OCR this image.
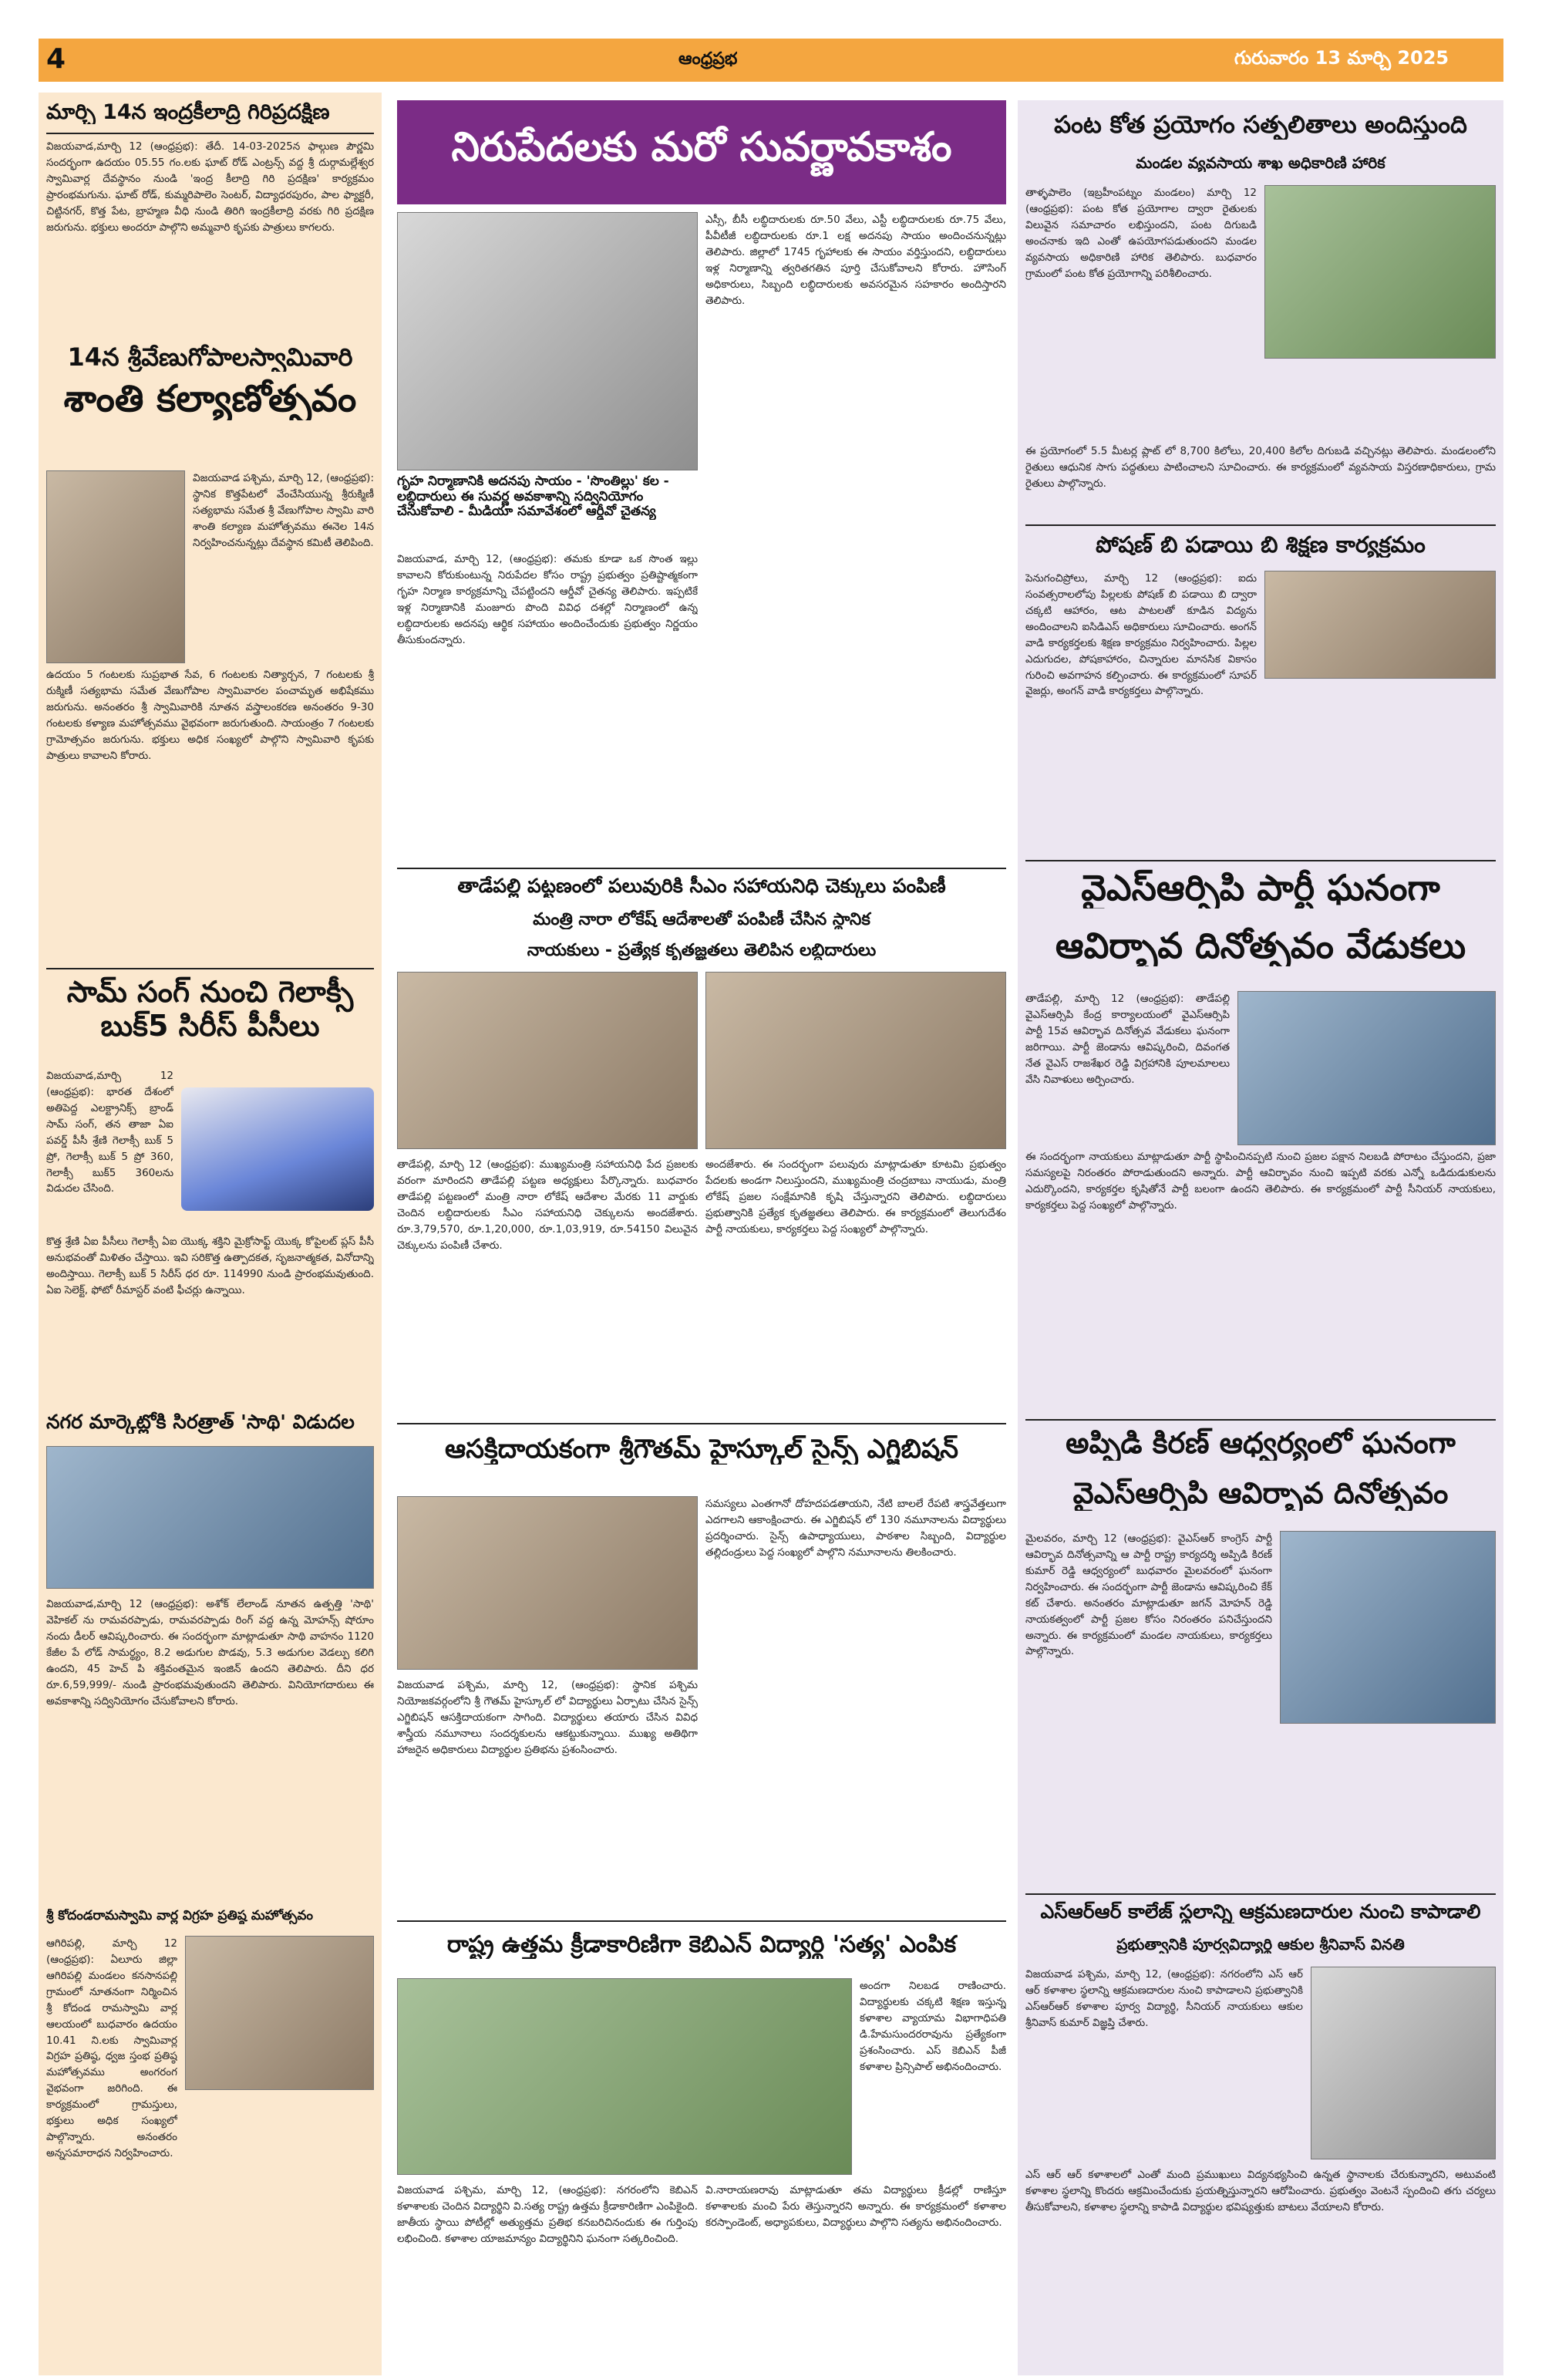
4	ఆంధ్రప్రభ	గురువారం 13 మార్చి 2025
మార్చి 14న ఇంద్రకీలాద్రి గిరిప్రదక్షిణ
విజయవాడ,మార్చి 12 (ఆంధ్రప్రభ): తేదీ. 14-03-2025న ఫాల్గుణ పౌర్ణమి సందర్భంగా ఉదయం 05.55 గం.లకు ఘాట్ రోడ్ ఎంట్రన్స్ వద్ద శ్రీ దుర్గామల్లేశ్వర స్వామివార్ల దేవస్థానం నుండి 'ఇంద్ర కీలాద్రి గిరి ప్రదక్షిణ' కార్యక్రమం ప్రారంభమగును. ఘాట్ రోడ్, కుమ్మరిపాలెం సెంటర్, విద్యాధరపురం, పాల ఫ్యాక్టరీ, చిట్టినగర్, కొత్త పేట, బ్రాహ్మణ వీధి నుండి తిరిగి ఇంద్రకీలాద్రి వరకు గిరి ప్రదక్షిణ జరుగును. భక్తులు అందరూ పాల్గొని అమ్మవారి కృపకు పాత్రులు కాగలరు.
14న శ్రీవేణుగోపాలస్వామివారి
శాంతి కల్యాణోత్సవం
విజయవాడ పశ్చిమ, మార్చి 12, (ఆంధ్రప్రభ): స్థానిక కొత్తపేటలో వేంచేసియున్న శ్రీరుక్మిణీ సత్యభామ సమేత శ్రీ వేణుగోపాల స్వామి వారి శాంతి కల్యాణ మహోత్సవము ఈనెల 14న నిర్వహించనున్నట్లు దేవస్థాన కమిటీ తెలిపింది.
ఉదయం 5 గంటలకు సుప్రభాత సేవ, 6 గంటలకు నిత్యార్చన, 7 గంటలకు శ్రీ రుక్మిణీ సత్యభామ సమేత వేణుగోపాల స్వామివారల పంచామృత అభిషేకము జరుగును. అనంతరం శ్రీ స్వామివారికి నూతన వస్త్రాలంకరణ అనంతరం 9-30 గంటలకు కళ్యాణ మహోత్సవము వైభవంగా జరుగుతుంది. సాయంత్రం 7 గంటలకు గ్రామోత్సవం జరుగును. భక్తులు అధిక సంఖ్యలో పాల్గొని స్వామివారి కృపకు పాత్రులు కావాలని కోరారు.
సామ్ సంగ్ నుంచి గెలాక్సీ బుక్5 సిరీస్ పీసీలు
విజయవాడ,మార్చి 12 (ఆంధ్రప్రభ): భారత దేశంలో అతిపెద్ద ఎలక్ట్రానిక్స్ బ్రాండ్ సామ్ సంగ్, తన తాజా ఏఐ పవర్డ్ పీసీ శ్రేణి గెలాక్సీ బుక్ 5 ప్రో, గెలాక్సీ బుక్ 5 ప్రో 360, గెలాక్సీ బుక్5 360లను విడుదల చేసింది.
కొత్త శ్రేణి ఏఐ పీసీలు గెలాక్సీ ఏఐ యొక్క శక్తిని మైక్రోసాఫ్ట్ యొక్క కోపైలట్ ప్లస్ పీసీ అనుభవంతో మిళితం చేస్తాయి. ఇవి సరికొత్త ఉత్పాదకత, సృజనాత్మకత, వినోదాన్ని అందిస్తాయి. గెలాక్సీ బుక్ 5 సిరీస్ ధర రూ. 114990 నుండి ప్రారంభమవుతుంది. ఏఐ సెలెక్ట్, ఫోటో రీమాస్టర్ వంటి ఫీచర్లు ఉన్నాయి.
నగర మార్కెట్లోకి సిరత్రాత్ 'సాథి' విడుదల
విజయవాడ,మార్చి 12 (ఆంధ్రప్రభ): అశోక్ లేలాండ్ నూతన ఉత్పత్తి 'సాథి' వెహికల్ ను రామవరప్పాడు, రామవరప్పాడు రింగ్ వద్ద ఉన్న మోహన్స్ షోరూం నందు డీలర్ ఆవిష్కరించారు. ఈ సందర్భంగా మాట్లాడుతూ సాథి వాహనం 1120 కేజీల పే లోడ్ సామర్థ్యం, 8.2 అడుగుల పొడవు, 5.3 అడుగుల వెడల్పు కలిగి ఉందని, 45 హెచ్ పి శక్తివంతమైన ఇంజిన్ ఉందని తెలిపారు. దీని ధర రూ.6,59,999/- నుండి ప్రారంభమవుతుందని తెలిపారు. వినియోగదారులు ఈ అవకాశాన్ని సద్వినియోగం చేసుకోవాలని కోరారు.
శ్రీ కోదండరామస్వామి వార్ల విగ్రహ ప్రతిష్ఠ మహోత్సవం
ఆగిరిపల్లి, మార్చి 12 (ఆంధ్రప్రభ): ఏలూరు జిల్లా ఆగిరిపల్లి మండలం కనసానపల్లి గ్రామంలో నూతనంగా నిర్మించిన శ్రీ కోదండ రామస్వామి వార్ల ఆలయంలో బుధవారం ఉదయం 10.41 ని.లకు స్వామివార్ల విగ్రహ ప్రతిష్ఠ, ధ్వజ స్తంభ ప్రతిష్ఠ మహోత్సవము అంగరంగ వైభవంగా జరిగింది. ఈ కార్యక్రమంలో గ్రామస్తులు, భక్తులు అధిక సంఖ్యలో పాల్గొన్నారు. అనంతరం అన్నసమారాధన నిర్వహించారు.
నిరుపేదలకు మరో సువర్ణావకాశం
గృహ నిర్మాణానికి అదనపు సాయం - 'సొంతిల్లు' కల - లబ్ధిదారులు ఈ సువర్ణ అవకాశాన్ని సద్వినియోగం చేసుకోవాలి - మీడియా సమావేశంలో ఆర్డీవో చైతన్య
విజయవాడ, మార్చి 12, (ఆంధ్రప్రభ): తమకు కూడా ఒక సొంత ఇల్లు కావాలని కోరుకుంటున్న నిరుపేదల కోసం రాష్ట్ర ప్రభుత్వం ప్రతిష్టాత్మకంగా గృహ నిర్మాణ కార్యక్రమాన్ని చేపట్టిందని ఆర్డీవో చైతన్య తెలిపారు. ఇప్పటికే ఇళ్ల నిర్మాణానికి మంజూరు పొంది వివిధ దశల్లో నిర్మాణంలో ఉన్న లబ్ధిదారులకు అదనపు ఆర్థిక సహాయం అందించేందుకు ప్రభుత్వం నిర్ణయం తీసుకుందన్నారు.
ఎస్సీ, బీసీ లబ్ధిదారులకు రూ.50 వేలు, ఎస్టీ లబ్ధిదారులకు రూ.75 వేలు, పీవీటీజీ లబ్ధిదారులకు రూ.1 లక్ష అదనపు సాయం అందించనున్నట్లు తెలిపారు. జిల్లాలో 1745 గృహాలకు ఈ సాయం వర్తిస్తుందని, లబ్ధిదారులు ఇళ్ల నిర్మాణాన్ని త్వరితగతిన పూర్తి చేసుకోవాలని కోరారు. హౌసింగ్ అధికారులు, సిబ్బంది లబ్ధిదారులకు అవసరమైన సహకారం అందిస్తారని తెలిపారు.
తాడేపల్లి పట్టణంలో పలువురికి సీఎం సహాయనిధి చెక్కులు పంపిణీ
మంత్రి నారా లోకేష్ ఆదేశాలతో పంపిణీ చేసిన స్థానిక
నాయకులు - ప్రత్యేక కృతజ్ఞతలు తెలిపిన లబ్ధిదారులు
తాడేపల్లి, మార్చి 12 (ఆంధ్రప్రభ): ముఖ్యమంత్రి సహాయనిధి పేద ప్రజలకు వరంగా మారిందని తాడేపల్లి పట్టణ అధ్యక్షులు పేర్కొన్నారు. బుధవారం తాడేపల్లి పట్టణంలో మంత్రి నారా లోకేష్ ఆదేశాల మేరకు 11 వార్డుకు చెందిన లబ్ధిదారులకు సీఎం సహాయనిధి చెక్కులను అందజేశారు. రూ.3,79,570, రూ.1,20,000, రూ.1,03,919, రూ.54150 విలువైన చెక్కులను పంపిణీ చేశారు.
అందజేశారు. ఈ సందర్భంగా పలువురు మాట్లాడుతూ కూటమి ప్రభుత్వం పేదలకు అండగా నిలుస్తుందని, ముఖ్యమంత్రి చంద్రబాబు నాయుడు, మంత్రి లోకేష్ ప్రజల సంక్షేమానికి కృషి చేస్తున్నారని తెలిపారు. లబ్ధిదారులు ప్రభుత్వానికి ప్రత్యేక కృతజ్ఞతలు తెలిపారు. ఈ కార్యక్రమంలో తెలుగుదేశం పార్టీ నాయకులు, కార్యకర్తలు పెద్ద సంఖ్యలో పాల్గొన్నారు.
ఆసక్తిదాయకంగా శ్రీగౌతమ్ హైస్కూల్ సైన్స్ ఎగ్జిబిషన్
విజయవాడ పశ్చిమ, మార్చి 12, (ఆంధ్రప్రభ): స్థానిక పశ్చిమ నియోజకవర్గంలోని శ్రీ గౌతమ్ హైస్కూల్ లో విద్యార్థులు ఏర్పాటు చేసిన సైన్స్ ఎగ్జిబిషన్ ఆసక్తిదాయకంగా సాగింది. విద్యార్థులు తయారు చేసిన వివిధ శాస్త్రీయ నమూనాలు సందర్శకులను ఆకట్టుకున్నాయి. ముఖ్య అతిథిగా హాజరైన అధికారులు విద్యార్థుల ప్రతిభను ప్రశంసించారు.
సమస్యలు ఎంతగానో దోహదపడతాయని, నేటి బాలలే రేపటి శాస్త్రవేత్తలుగా ఎదగాలని ఆకాంక్షించారు. ఈ ఎగ్జిబిషన్ లో 130 నమూనాలను విద్యార్థులు ప్రదర్శించారు. సైన్స్ ఉపాధ్యాయులు, పాఠశాల సిబ్బంది, విద్యార్థుల తల్లిదండ్రులు పెద్ద సంఖ్యలో పాల్గొని నమూనాలను తిలకించారు.
రాష్ట్ర ఉత్తమ క్రీడాకారిణిగా కెబిఎన్ విద్యార్థి 'సత్య' ఎంపిక
అందగా నిలబడ రాణించారు. విద్యార్థులకు చక్కటి శిక్షణ ఇస్తున్న కళాశాల వ్యాయామ విభాగాధిపతి డి.హేమసుందరరావును ప్రత్యేకంగా ప్రశంసించారు. ఎస్ కెబిఎన్ పీజీ కళాశాల ప్రిన్సిపాల్ అభినందించారు.
విజయవాడ పశ్చిమ, మార్చి 12, (ఆంధ్రప్రభ): నగరంలోని కెబిఎన్ కళాశాలకు చెందిన విద్యార్థిని వి.సత్య రాష్ట్ర ఉత్తమ క్రీడాకారిణిగా ఎంపికైంది. జాతీయ స్థాయి పోటీల్లో అత్యుత్తమ ప్రతిభ కనబరిచినందుకు ఈ గుర్తింపు లభించింది. కళాశాల యాజమాన్యం విద్యార్థినిని ఘనంగా సత్కరించింది.
వి.నారాయణరావు మాట్లాడుతూ తమ విద్యార్థులు క్రీడల్లో రాణిస్తూ కళాశాలకు మంచి పేరు తెస్తున్నారని అన్నారు. ఈ కార్యక్రమంలో కళాశాల కరస్పాండెంట్, అధ్యాపకులు, విద్యార్థులు పాల్గొని సత్యను అభినందించారు.
పంట కోత ప్రయోగం సత్ఫలితాలు అందిస్తుంది
మండల వ్యవసాయ శాఖ అధికారిణి హారిక
తాళ్ళపాలెం (ఇబ్రహీంపట్నం మండలం) మార్చి 12 (ఆంధ్రప్రభ): పంట కోత ప్రయోగాల ద్వారా రైతులకు విలువైన సమాచారం లభిస్తుందని, పంట దిగుబడి అంచనాకు ఇది ఎంతో ఉపయోగపడుతుందని మండల వ్యవసాయ అధికారిణి హారిక తెలిపారు. బుధవారం గ్రామంలో పంట కోత ప్రయోగాన్ని పరిశీలించారు.
ఈ ప్రయోగంలో 5.5 మీటర్ల ప్లాట్ లో 8,700 కిలోలు, 20,400 కిలోల దిగుబడి వచ్చినట్లు తెలిపారు. మండలంలోని రైతులు ఆధునిక సాగు పద్ధతులు పాటించాలని సూచించారు. ఈ కార్యక్రమంలో వ్యవసాయ విస్తరణాధికారులు, గ్రామ రైతులు పాల్గొన్నారు.
పోషణ్ బి పడాయి బి శిక్షణ కార్యక్రమం
పెనుగంచిప్రోలు, మార్చి 12 (ఆంధ్రప్రభ): ఐదు సంవత్సరాలలోపు పిల్లలకు పోషణ్ బి పడాయి బి ద్వారా చక్కటి ఆహారం, ఆట పాటలతో కూడిన విద్యను అందించాలని ఐసిడిఎస్ అధికారులు సూచించారు. అంగన్ వాడి కార్యకర్తలకు శిక్షణ కార్యక్రమం నిర్వహించారు. పిల్లల ఎదుగుదల, పోషకాహారం, చిన్నారుల మానసిక వికాసం గురించి అవగాహన కల్పించారు. ఈ కార్యక్రమంలో సూపర్ వైజర్లు, అంగన్ వాడి కార్యకర్తలు పాల్గొన్నారు.
వైఎస్ఆర్సిపి పార్టీ ఘనంగా
ఆవిర్భావ దినోత్సవం వేడుకలు
తాడేపల్లి, మార్చి 12 (ఆంధ్రప్రభ): తాడేపల్లి వైఎస్ఆర్సిపి కేంద్ర కార్యాలయంలో వైఎస్ఆర్సిపి పార్టీ 15వ ఆవిర్భావ దినోత్సవ వేడుకలు ఘనంగా జరిగాయి. పార్టీ జెండాను ఆవిష్కరించి, దివంగత నేత వైఎస్ రాజశేఖర రెడ్డి విగ్రహానికి పూలమాలలు వేసి నివాళులు అర్పించారు.
ఈ సందర్భంగా నాయకులు మాట్లాడుతూ పార్టీ స్థాపించినప్పటి నుంచి ప్రజల పక్షాన నిలబడి పోరాటం చేస్తుందని, ప్రజా సమస్యలపై నిరంతరం పోరాడుతుందని అన్నారు. పార్టీ ఆవిర్భావం నుంచి ఇప్పటి వరకు ఎన్నో ఒడిదుడుకులను ఎదుర్కొందని, కార్యకర్తల కృషితోనే పార్టీ బలంగా ఉందని తెలిపారు. ఈ కార్యక్రమంలో పార్టీ సీనియర్ నాయకులు, కార్యకర్తలు పెద్ద సంఖ్యలో పాల్గొన్నారు.
అప్పిడి కిరణ్ ఆధ్వర్యంలో ఘనంగా
వైఎస్ఆర్సిపి ఆవిర్భావ దినోత్సవం
మైలవరం, మార్చి 12 (ఆంధ్రప్రభ): వైఎస్ఆర్ కాంగ్రెస్ పార్టీ ఆవిర్భావ దినోత్సవాన్ని ఆ పార్టీ రాష్ట్ర కార్యదర్శి అప్పిడి కిరణ్ కుమార్ రెడ్డి ఆధ్వర్యంలో బుధవారం మైలవరంలో ఘనంగా నిర్వహించారు. ఈ సందర్భంగా పార్టీ జెండాను ఆవిష్కరించి కేక్ కట్ చేశారు. అనంతరం మాట్లాడుతూ జగన్ మోహన్ రెడ్డి నాయకత్వంలో పార్టీ ప్రజల కోసం నిరంతరం పనిచేస్తుందని అన్నారు. ఈ కార్యక్రమంలో మండల నాయకులు, కార్యకర్తలు పాల్గొన్నారు.
ఎస్ఆర్ఆర్ కాలేజ్ స్థలాన్ని ఆక్రమణదారుల నుంచి కాపాడాలి
ప్రభుత్వానికి పూర్వవిద్యార్థి ఆకుల శ్రీనివాస్ వినతి
విజయవాడ పశ్చిమ, మార్చి 12, (ఆంధ్రప్రభ): నగరంలోని ఎస్ ఆర్ ఆర్ కళాశాల స్థలాన్ని ఆక్రమణదారుల నుంచి కాపాడాలని ప్రభుత్వానికి ఎస్ఆర్ఆర్ కళాశాల పూర్వ విద్యార్థి, సీనియర్ నాయకులు ఆకుల శ్రీనివాస్ కుమార్ విజ్ఞప్తి చేశారు.
ఎస్ ఆర్ ఆర్ కళాశాలలో ఎంతో మంది ప్రముఖులు విద్యనభ్యసించి ఉన్నత స్థానాలకు చేరుకున్నారని, అటువంటి కళాశాల స్థలాన్ని కొందరు ఆక్రమించేందుకు ప్రయత్నిస్తున్నారని ఆరోపించారు. ప్రభుత్వం వెంటనే స్పందించి తగు చర్యలు తీసుకోవాలని, కళాశాల స్థలాన్ని కాపాడి విద్యార్థుల భవిష్యత్తుకు బాటలు వేయాలని కోరారు.
